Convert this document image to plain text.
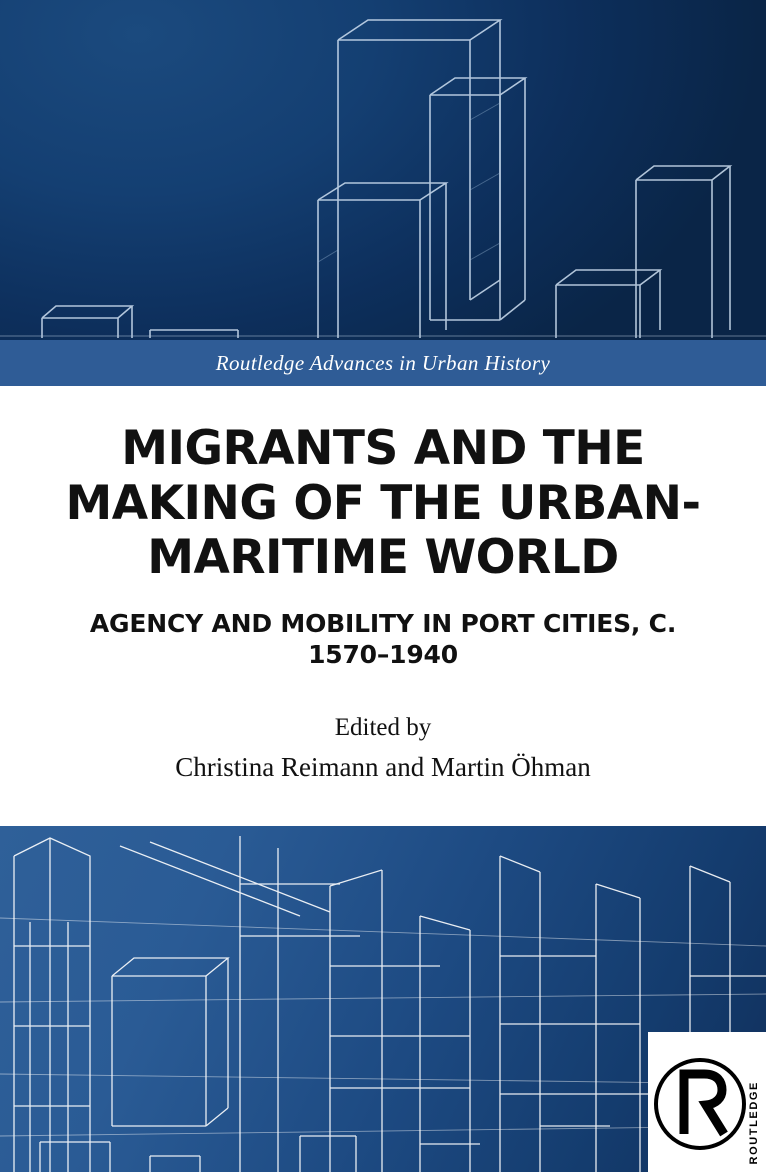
Routledge Advances in Urban History
MIGRANTS AND THE MAKING OF THE URBAN-MARITIME WORLD
AGENCY AND MOBILITY IN PORT CITIES, C. 1570–1940

Edited by

Christina Reimann and Martin Öhman

ROUTLEDGE
